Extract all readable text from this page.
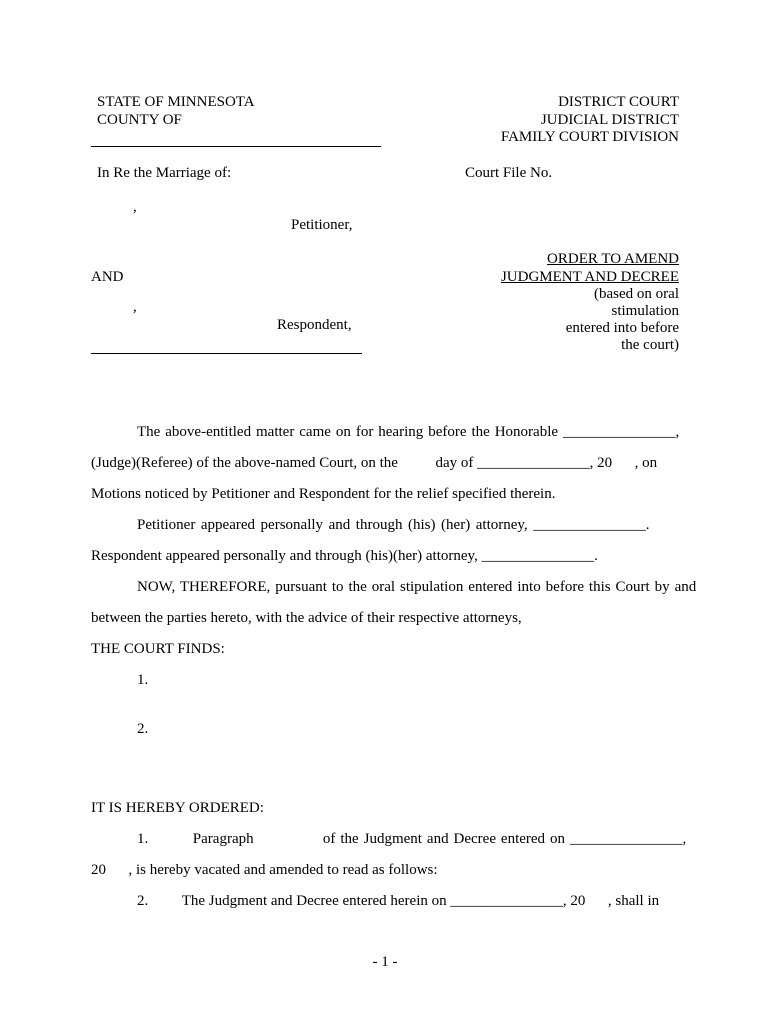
STATE OF MINNESOTA
COUNTY OF
DISTRICT COURT
JUDICIAL DISTRICT
FAMILY COURT DIVISION
In Re the Marriage of:	Court File No.
,
Petitioner,
ORDER TO AMEND
AND	JUDGMENT AND DECREE
(based on oral
,	stimulation
Respondent,	entered into before
the court)
The above-entitled matter came on for hearing before the Honorable _______________,
(Judge)(Referee) of the above-named Court, on the          day of _______________, 20      , on
Motions noticed by Petitioner and Respondent for the relief specified therein.
Petitioner appeared personally and through (his) (her) attorney, _______________.
Respondent appeared personally and through (his)(her) attorney, _______________.
NOW, THEREFORE, pursuant to the oral stipulation entered into before this Court by and
between the parties hereto, with the advice of their respective attorneys,
THE COURT FINDS:
1.
2.
IT IS HEREBY ORDERED:
1.         Paragraph              of the Judgment and Decree entered on _______________,
20      , is hereby vacated and amended to read as follows:
2.         The Judgment and Decree entered herein on _______________, 20      , shall in
- 1 -
